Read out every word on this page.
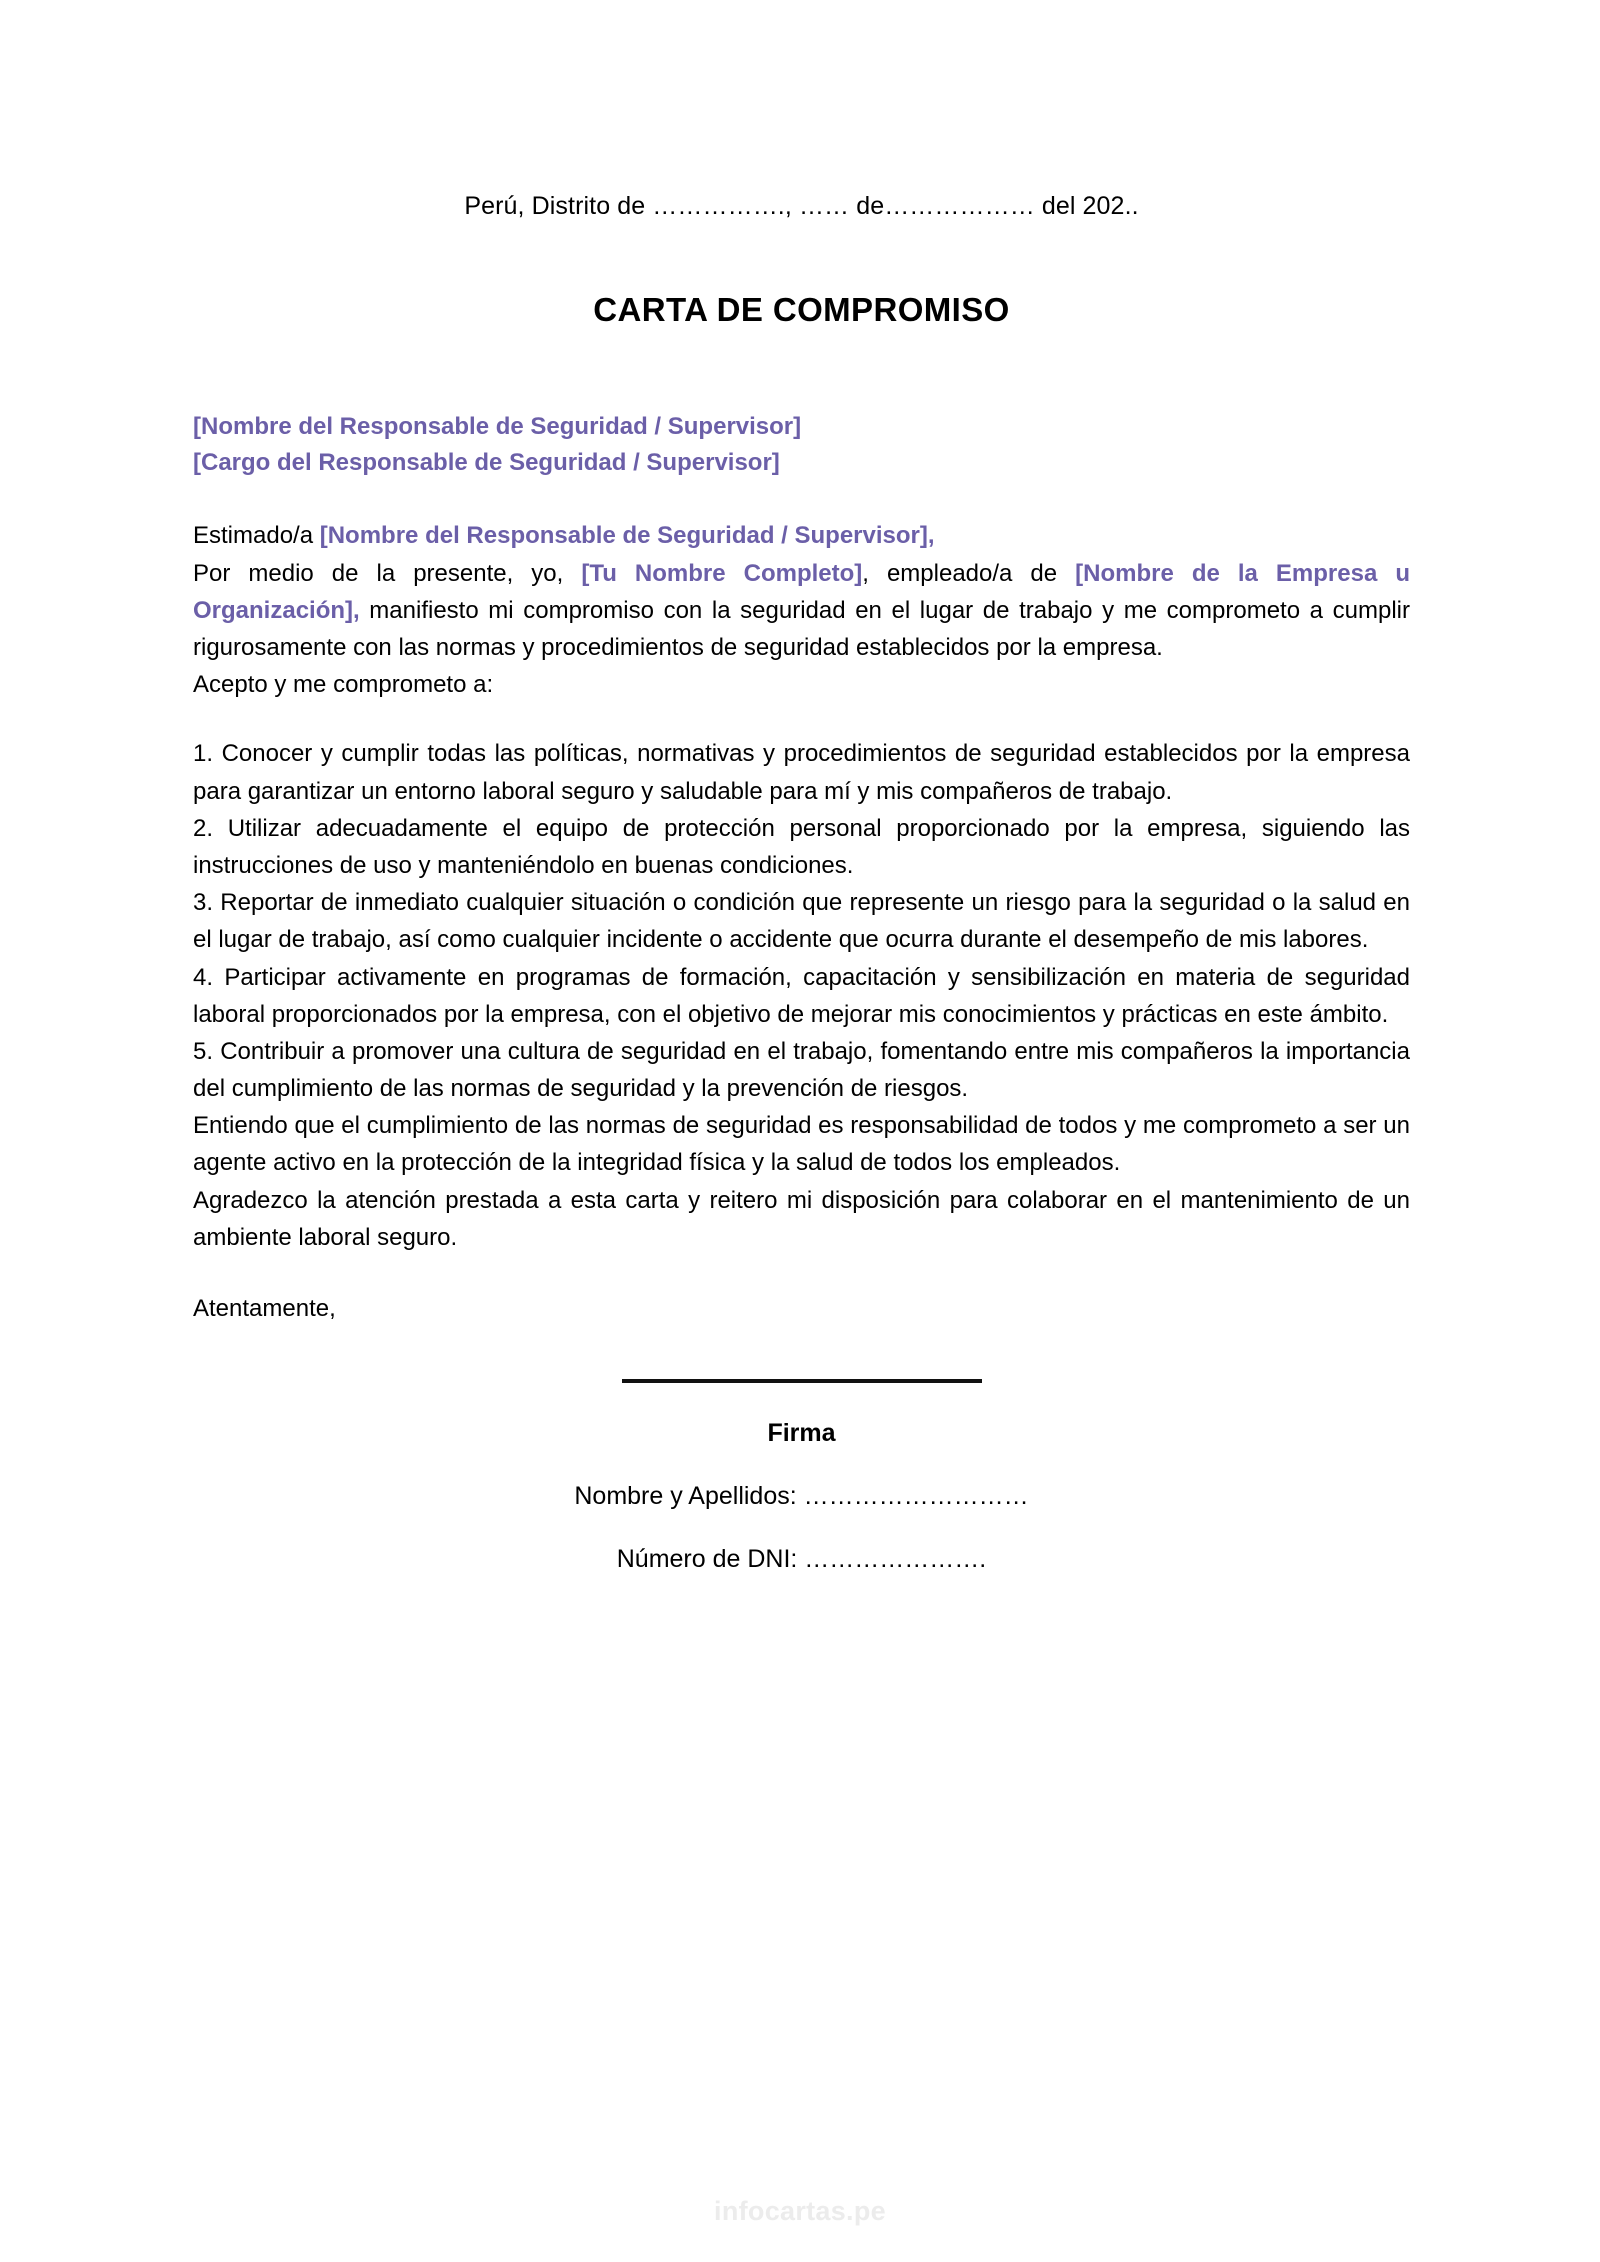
Perú, Distrito de ……………., …… de……………… del 202..
CARTA DE COMPROMISO
[Nombre del Responsable de Seguridad / Supervisor]
[Cargo del Responsable de Seguridad / Supervisor]
Estimado/a [Nombre del Responsable de Seguridad / Supervisor],

Por medio de la presente, yo, [Tu Nombre Completo], empleado/a de [Nombre de la Empresa u Organización], manifiesto mi compromiso con la seguridad en el lugar de trabajo y me comprometo a cumplir rigurosamente con las normas y procedimientos de seguridad establecidos por la empresa.

Acepto y me comprometo a:

1. Conocer y cumplir todas las políticas, normativas y procedimientos de seguridad establecidos por la empresa para garantizar un entorno laboral seguro y saludable para mí y mis compañeros de trabajo.

2. Utilizar adecuadamente el equipo de protección personal proporcionado por la empresa, siguiendo las instrucciones de uso y manteniéndolo en buenas condiciones.

3. Reportar de inmediato cualquier situación o condición que represente un riesgo para la seguridad o la salud en el lugar de trabajo, así como cualquier incidente o accidente que ocurra durante el desempeño de mis labores.

4. Participar activamente en programas de formación, capacitación y sensibilización en materia de seguridad laboral proporcionados por la empresa, con el objetivo de mejorar mis conocimientos y prácticas en este ámbito.

5. Contribuir a promover una cultura de seguridad en el trabajo, fomentando entre mis compañeros la importancia del cumplimiento de las normas de seguridad y la prevención de riesgos.

Entiendo que el cumplimiento de las normas de seguridad es responsabilidad de todos y me comprometo a ser un agente activo en la protección de la integridad física y la salud de todos los empleados.

Agradezco la atención prestada a esta carta y reitero mi disposición para colaborar en el mantenimiento de un ambiente laboral seguro.

Atentamente,
Firma
Nombre y Apellidos: ………………………
Número de DNI: ………………….
infocartas.pe
